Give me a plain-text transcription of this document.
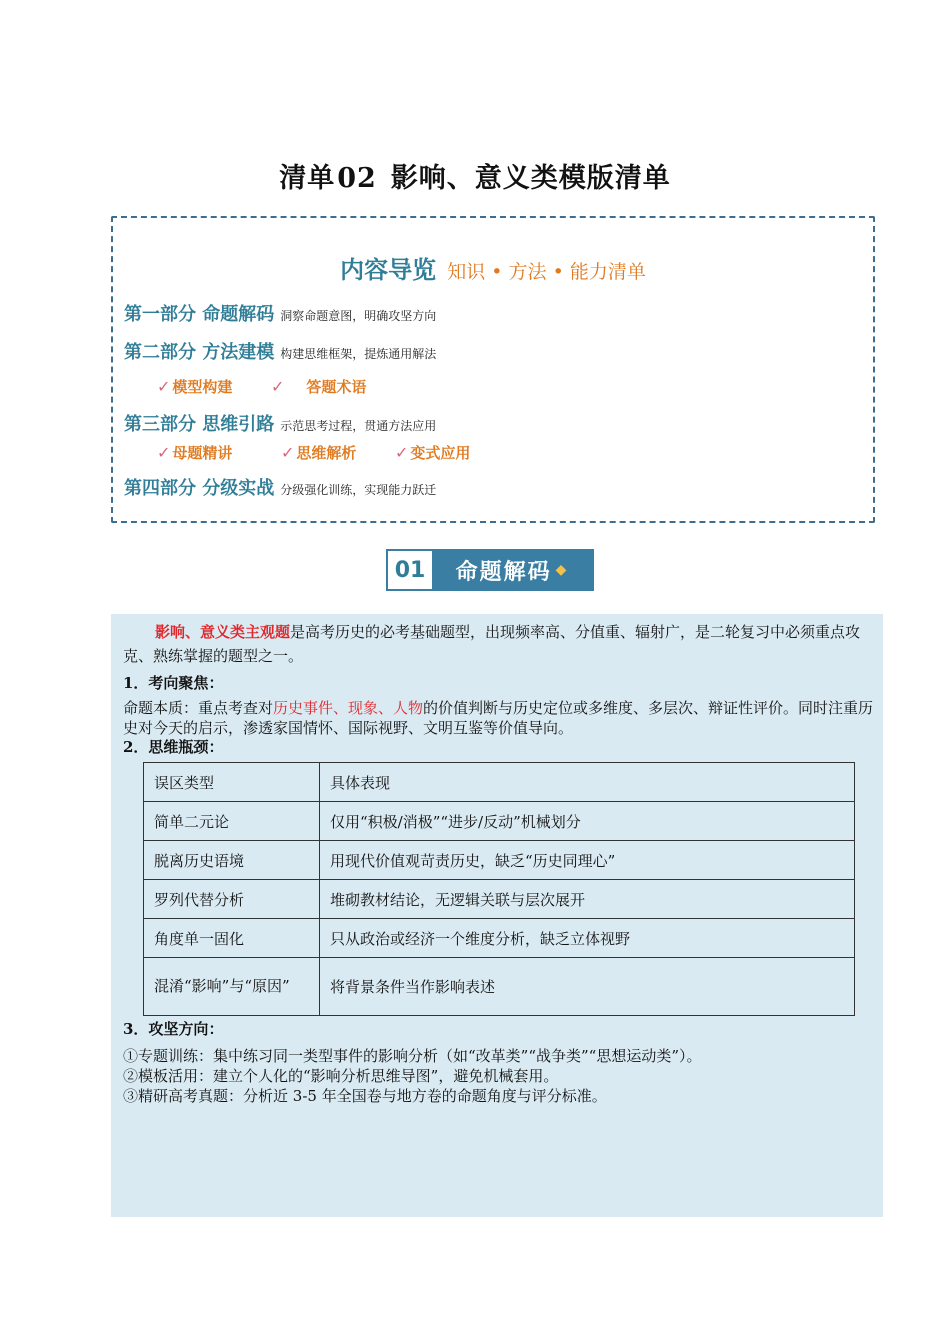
清单02 影响、意义类模版清单
内容导览 知识 • 方法 • 能力清单
第一部分 命题解码 洞察命题意图，明确攻坚方向
第二部分 方法建模 构建思维框架，提炼通用解法
✓ 模型构建 ✓ 答题术语
第三部分 思维引路 示范思考过程，贯通方法应用
✓ 母题精讲	✓ 思维解析 ✓ 变式应用
第四部分 分级实战 分级强化训练，实现能力跃迁
01	命题解码 ◆
影响、意义类主观题是高考历史的必考基础题型，出现频率高、分值重、辐射广，是二轮复习中必须重点攻克、熟练掌握的题型之一。
1．考向聚焦：
命题本质：重点考查对历史事件、现象、人物的价值判断与历史定位或多维度、多层次、辩证性评价。同时注重历史对今天的启示，渗透家国情怀、国际视野、文明互鉴等价值导向。
2．思维瓶颈：
误区类型	具体表现
简单二元论	仅用“积极/消极”“进步/反动”机械划分
脱离历史语境	用现代价值观苛责历史，缺乏“历史同理心”
罗列代替分析	堆砌教材结论，无逻辑关联与层次展开
角度单一固化	只从政治或经济一个维度分析，缺乏立体视野
混淆“影响”与“原因”	将背景条件当作影响表述
3．攻坚方向：
①专题训练：集中练习同一类型事件的影响分析（如“改革类”“战争类”“思想运动类”）。
②模板活用：建立个人化的“影响分析思维导图”，避免机械套用。
③精研高考真题：分析近 3-5 年全国卷与地方卷的命题角度与评分标准。
